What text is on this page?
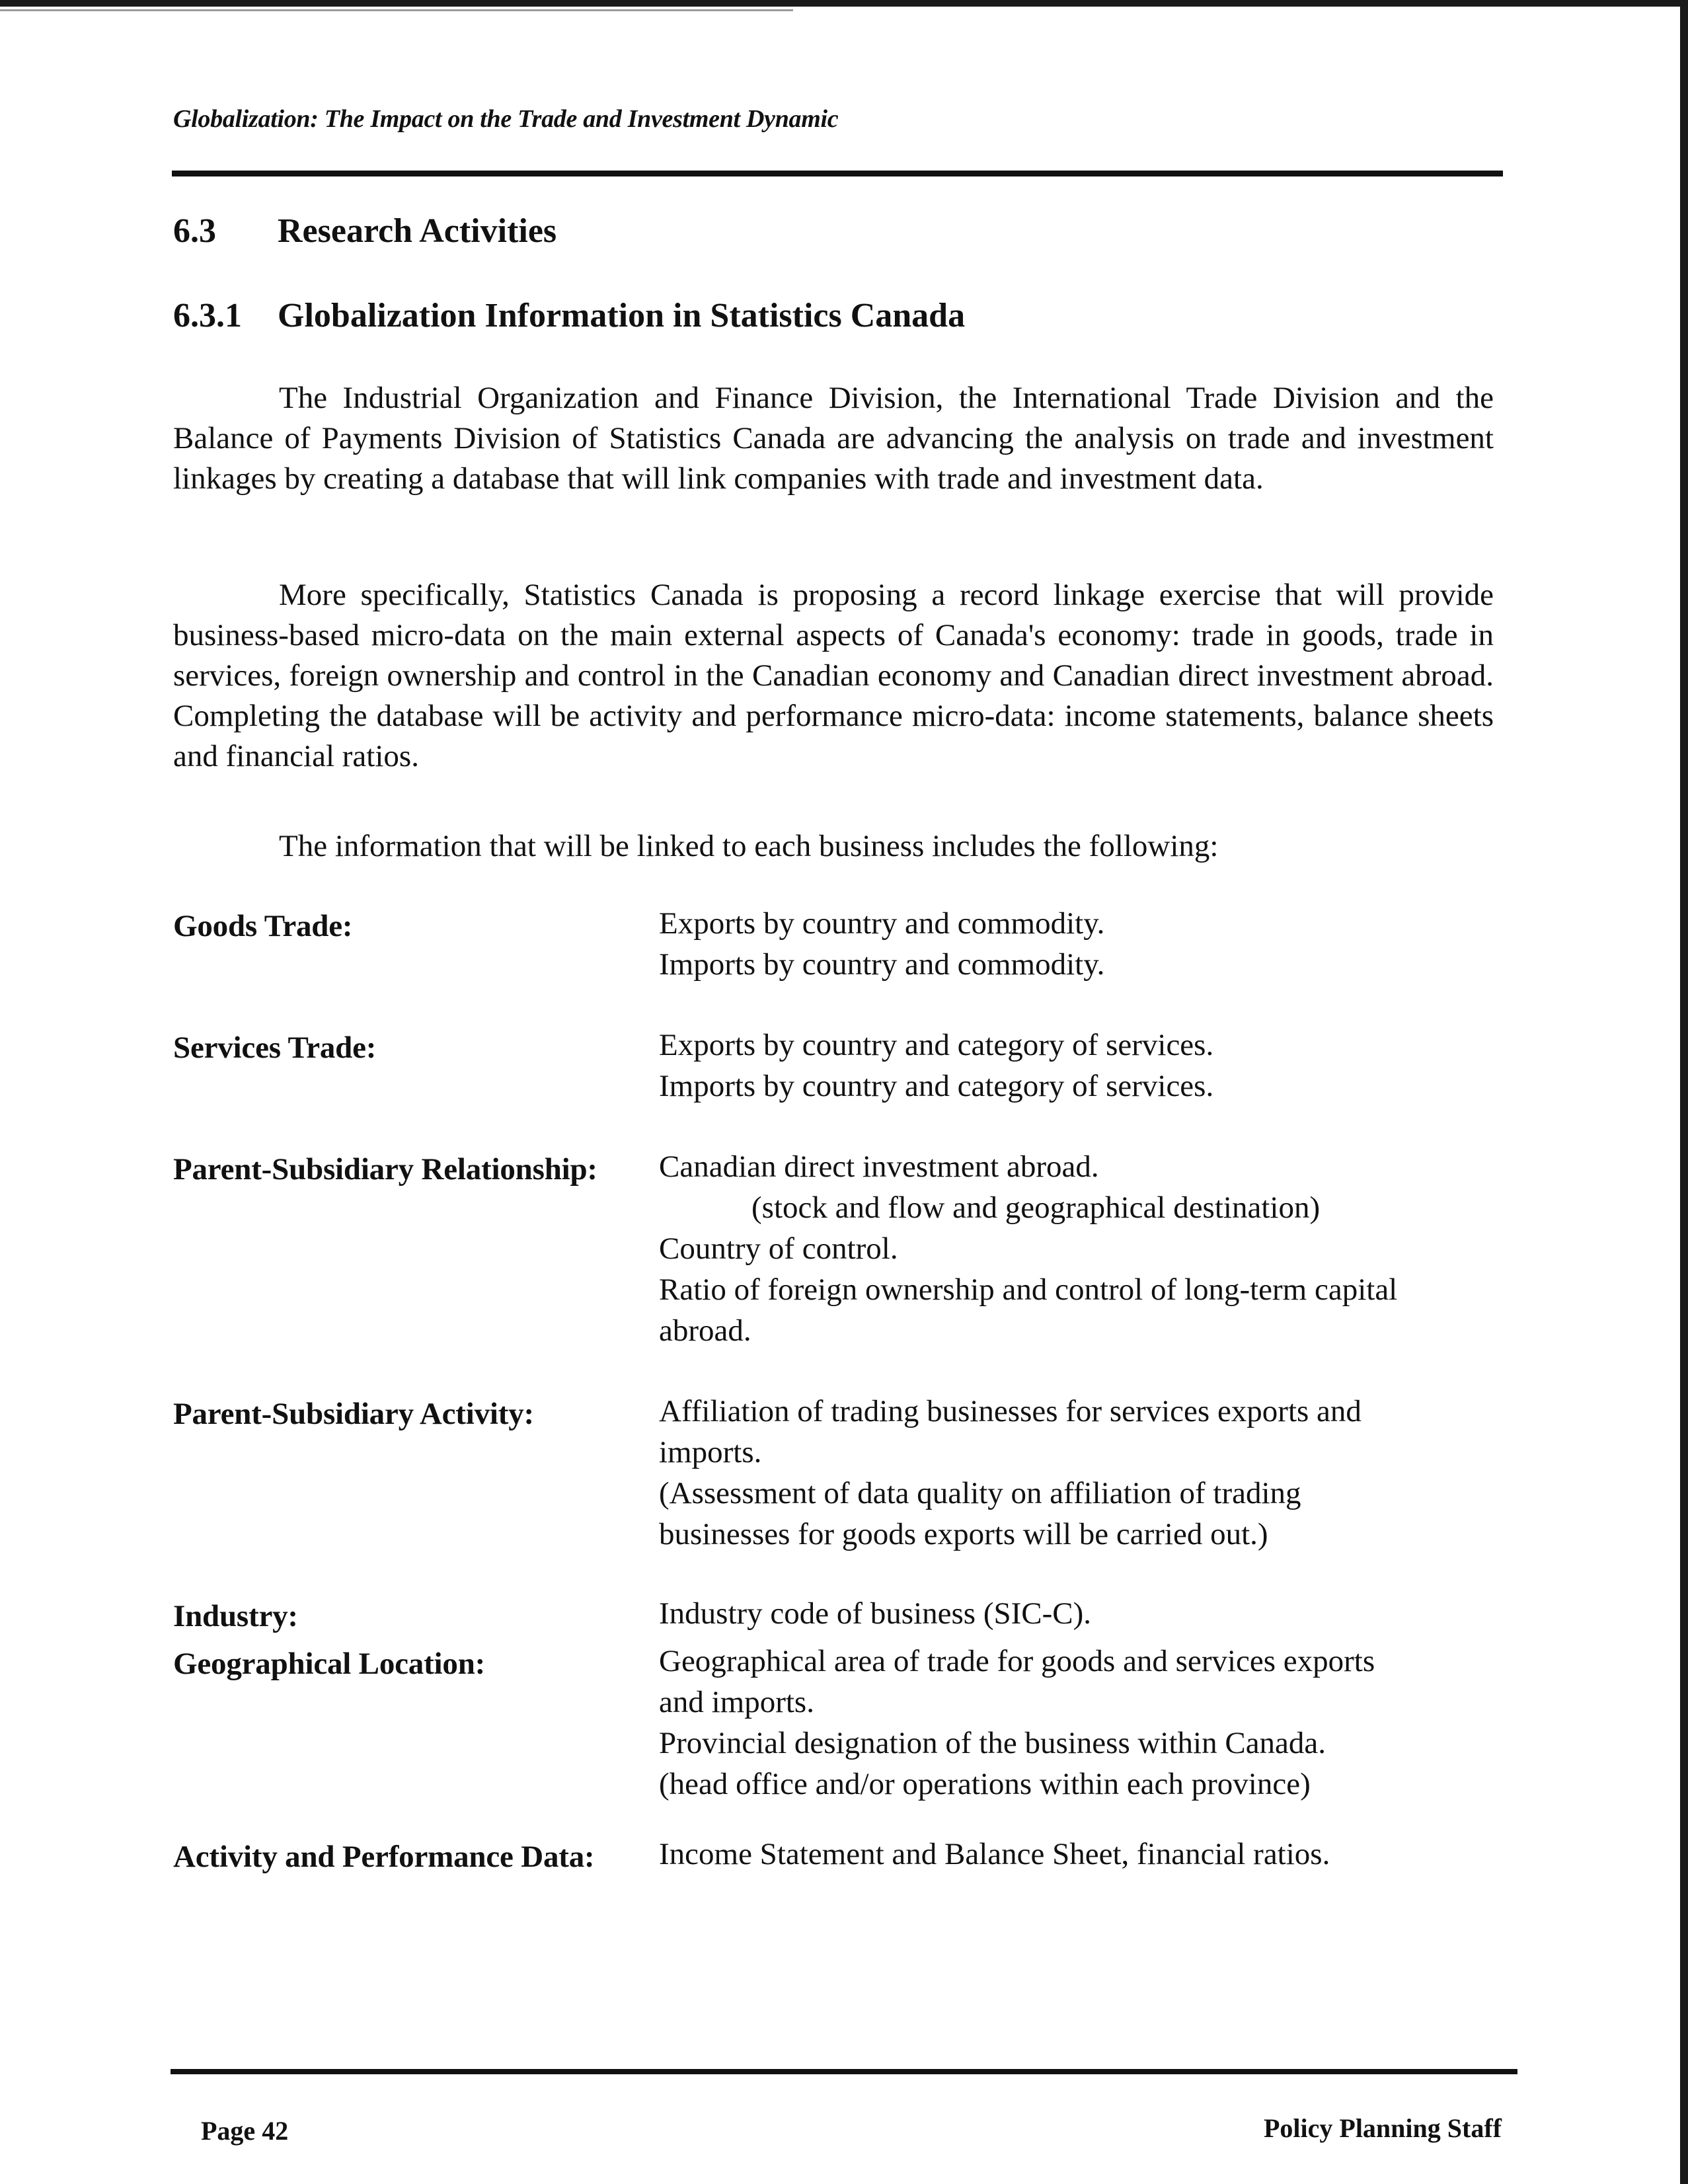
Globalization: The Impact on the Trade and Investment Dynamic
6.3 Research Activities
6.3.1 Globalization Information in Statistics Canada

The Industrial Organization and Finance Division, the International Trade Division and the Balance of Payments Division of Statistics Canada are advancing the analysis on trade and investment linkages by creating a database that will link companies with trade and investment data.

More specifically, Statistics Canada is proposing a record linkage exercise that will provide business-based micro-data on the main external aspects of Canada's economy: trade in goods, trade in services, foreign ownership and control in the Canadian economy and Canadian direct investment abroad. Completing the database will be activity and performance micro-data: income statements, balance sheets and financial ratios.

The information that will be linked to each business includes the following:

Goods Trade:	Exports by country and commodity.
Imports by country and commodity.
Services Trade:	Exports by country and category of services.
Imports by country and category of services.
Parent-Subsidiary Relationship: Canadian direct investment abroad.
(stock and flow and geographical destination)
Country of control.
Ratio of foreign ownership and control of long-term capital
abroad.
Parent-Subsidiary Activity:	Affiliation of trading businesses for services exports and
imports.
(Assessment of data quality on affiliation of trading
businesses for goods exports will be carried out.)
Industry:	Industry code of business (SIC-C).
Geographical Location:	Geographical area of trade for goods and services exports
and imports.
Provincial designation of the business within Canada.
(head office and/or operations within each province)
Activity and Performance Data: Income Statement and Balance Sheet, financial ratios.
Page 42	Policy Planning Staff
